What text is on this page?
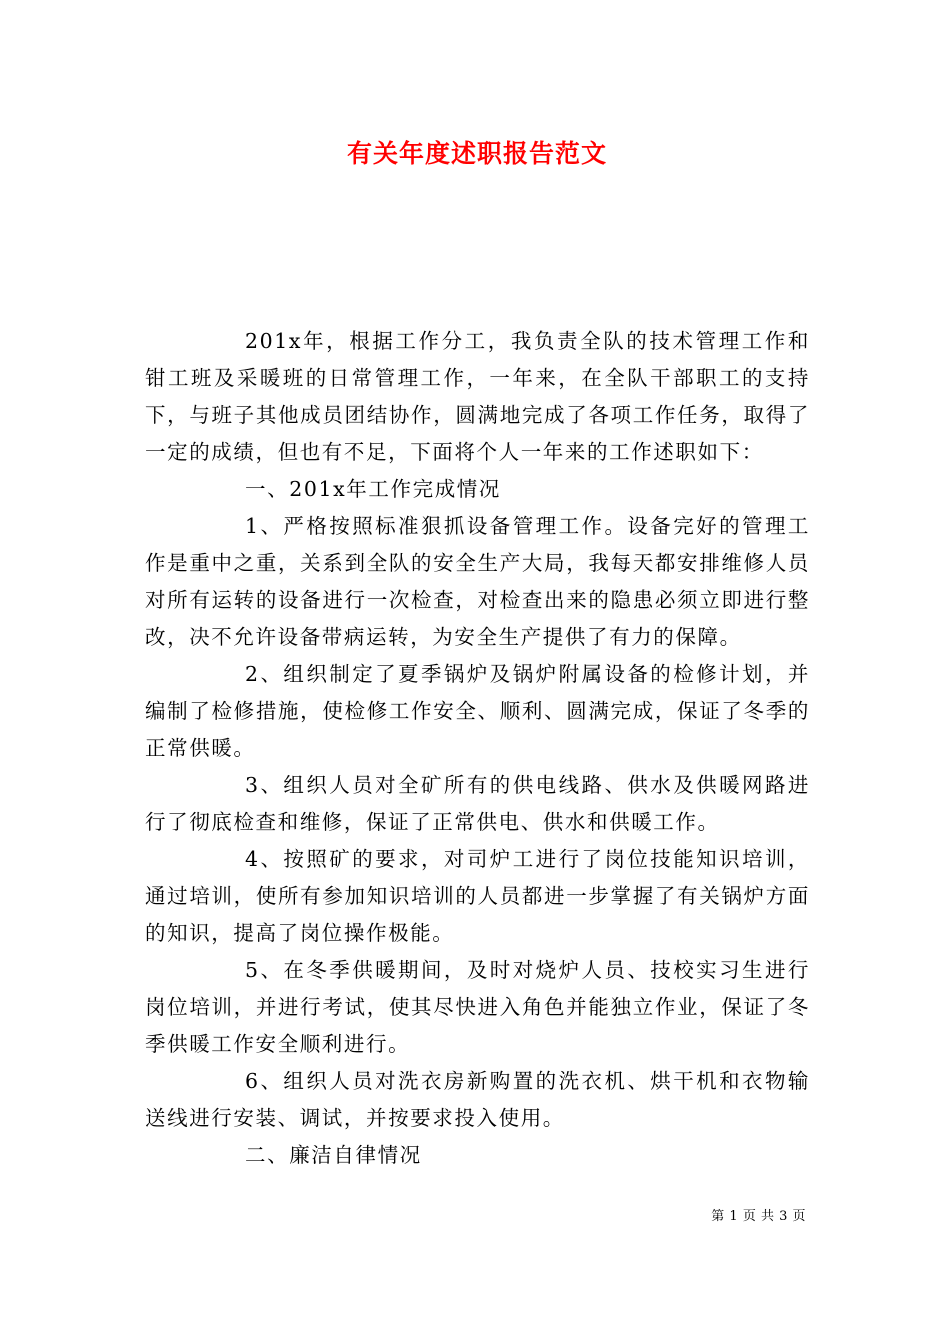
有关年度述职报告范文

201x年，根据工作分工，我负责全队的技术管理工作和钳工班及采暖班的日常管理工作，一年来，在全队干部职工的支持下，与班子其他成员团结协作，圆满地完成了各项工作任务，取得了一定的成绩，但也有不足，下面将个人一年来的工作述职如下：

一、201x年工作完成情况

1、严格按照标准狠抓设备管理工作。设备完好的管理工作是重中之重，关系到全队的安全生产大局，我每天都安排维修人员对所有运转的设备进行一次检查，对检查出来的隐患必须立即进行整改，决不允许设备带病运转，为安全生产提供了有力的保障。

2、组织制定了夏季锅炉及锅炉附属设备的检修计划，并编制了检修措施，使检修工作安全、顺利、圆满完成，保证了冬季的正常供暖。

3、组织人员对全矿所有的供电线路、供水及供暖网路进行了彻底检查和维修，保证了正常供电、供水和供暖工作。

4、按照矿的要求，对司炉工进行了岗位技能知识培训，通过培训，使所有参加知识培训的人员都进一步掌握了有关锅炉方面的知识，提高了岗位操作极能。

5、在冬季供暖期间，及时对烧炉人员、技校实习生进行岗位培训，并进行考试，使其尽快进入角色并能独立作业，保证了冬季供暖工作安全顺利进行。

6、组织人员对洗衣房新购置的洗衣机、烘干机和衣物输送线进行安装、调试，并按要求投入使用。

二、廉洁自律情况

第 1 页 共 3 页
